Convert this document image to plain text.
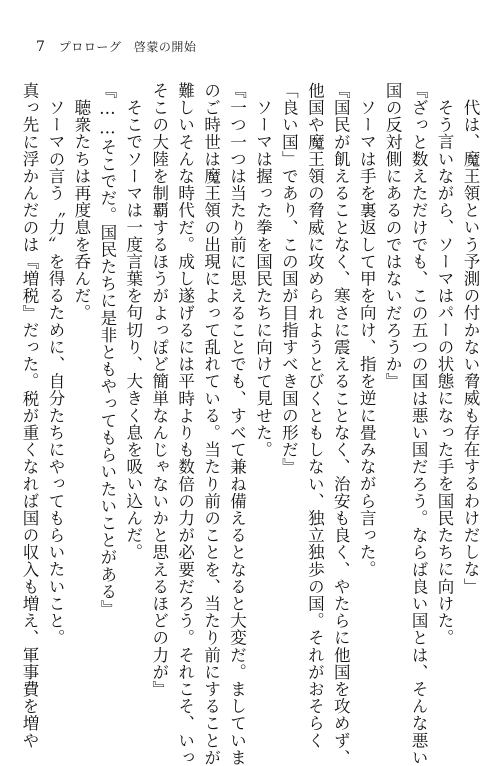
7 プロローグ　啓蒙の開始
代は、魔王領という予測の付かない脅威も存在するわけだしな」
そう言いながら、ソーマはパーの状態になった手を国民たちに向けた。
『ざっと数えただけでも、この五つの国は悪い国だろう。ならば良い国とは、そんな悪い
国の反対側にあるのではないだろうか』
ソーマは手を裏返して甲を向け、指を逆に畳みながら言った。
『国民が飢えることなく、寒さに震えることなく、治安も良く、やたらに他国を攻めず、
他国や魔王領の脅威に攻められようとびくともしない、独立独歩の国。それがおそらく
「良い国」であり、この国が目指すべき国の形だ』
ソーマは握った拳を国民たちに向けて見せた。
『一つ一つは当たり前に思えることでも、すべて兼ね備えるとなると大変だ。ましていま
のご時世は魔王領の出現によって乱れている。当たり前のことを、当たり前にすることが
難しいそんな時代だ。成し遂げるには平時よりも数倍の力が必要だろう。それこそ、いっ
そこの大陸を制覇するほうがよっぽど簡単なんじゃないかと思えるほどの力が』
そこでソーマは一度言葉を句切り、大きく息を吸い込んだ。
『……そこでだ。国民たちに是非ともやってもらいたいことがある』
聴衆たちは再度息を呑んだ。
ソーマの言う〝力〟を得るために、自分たちにやってもらいたいこと。
真っ先に浮かんだのは『増税』だった。税が重くなれば国の収入も増え、軍事費を増や
